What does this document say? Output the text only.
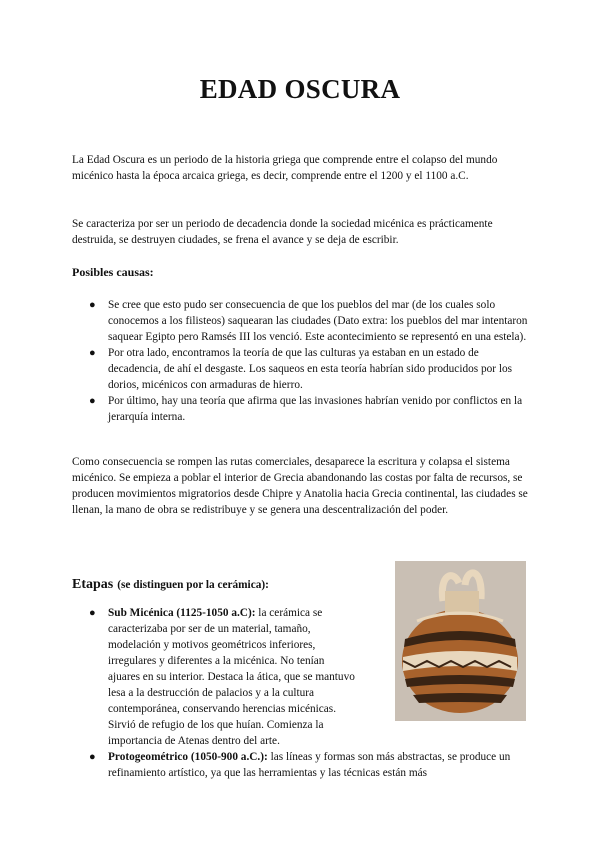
EDAD OSCURA

La Edad Oscura es un periodo de la historia griega que comprende entre el colapso del mundo micénico hasta la época arcaica griega, es decir, comprende entre el 1200 y el 1100 a.C.

Se caracteriza por ser un periodo de decadencia donde la sociedad micénica es prácticamente destruida, se destruyen ciudades, se frena el avance y se deja de escribir.

Posibles causas:

● Se cree que esto pudo ser consecuencia de que los pueblos del mar (de los cuales solo conocemos a los filisteos) saquearan las ciudades (Dato extra: los pueblos del mar intentaron saquear Egipto pero Ramsés III los venció. Este acontecimiento se representó en una estela).
● Por otra lado, encontramos la teoría de que las culturas ya estaban en un estado de decadencia, de ahí el desgaste. Los saqueos en esta teoría habrían sido producidos por los dorios, micénicos con armaduras de hierro.
● Por último, hay una teoría que afirma que las invasiones habrían venido por conflictos en la jerarquía interna.

Como consecuencia se rompen las rutas comerciales, desaparece la escritura y colapsa el sistema micénico. Se empieza a poblar el interior de Grecia abandonando las costas por falta de recursos, se producen movimientos migratorios desde Chipre y Anatolia hacia Grecia continental, las ciudades se llenan, la mano de obra se redistribuye y se genera una descentralización del poder.

Etapas (se distinguen por la cerámica):

● Sub Micénica (1125-1050 a.C): la cerámica se caracterizaba por ser de un material, tamaño, modelación y motivos geométricos inferiores, irregulares y diferentes a la micénica. No tenían ajuares en su interior. Destaca la ática, que se mantuvo lesa a la destrucción de palacios y a la cultura contemporánea, conservando herencias micénicas. Sirvió de refugio de los que huían. Comienza la importancia de Atenas dentro del arte.
● Protogeométrico (1050-900 a.C.): las líneas y formas son más abstractas, se produce un refinamiento artístico, ya que las herramientas y las técnicas están más
